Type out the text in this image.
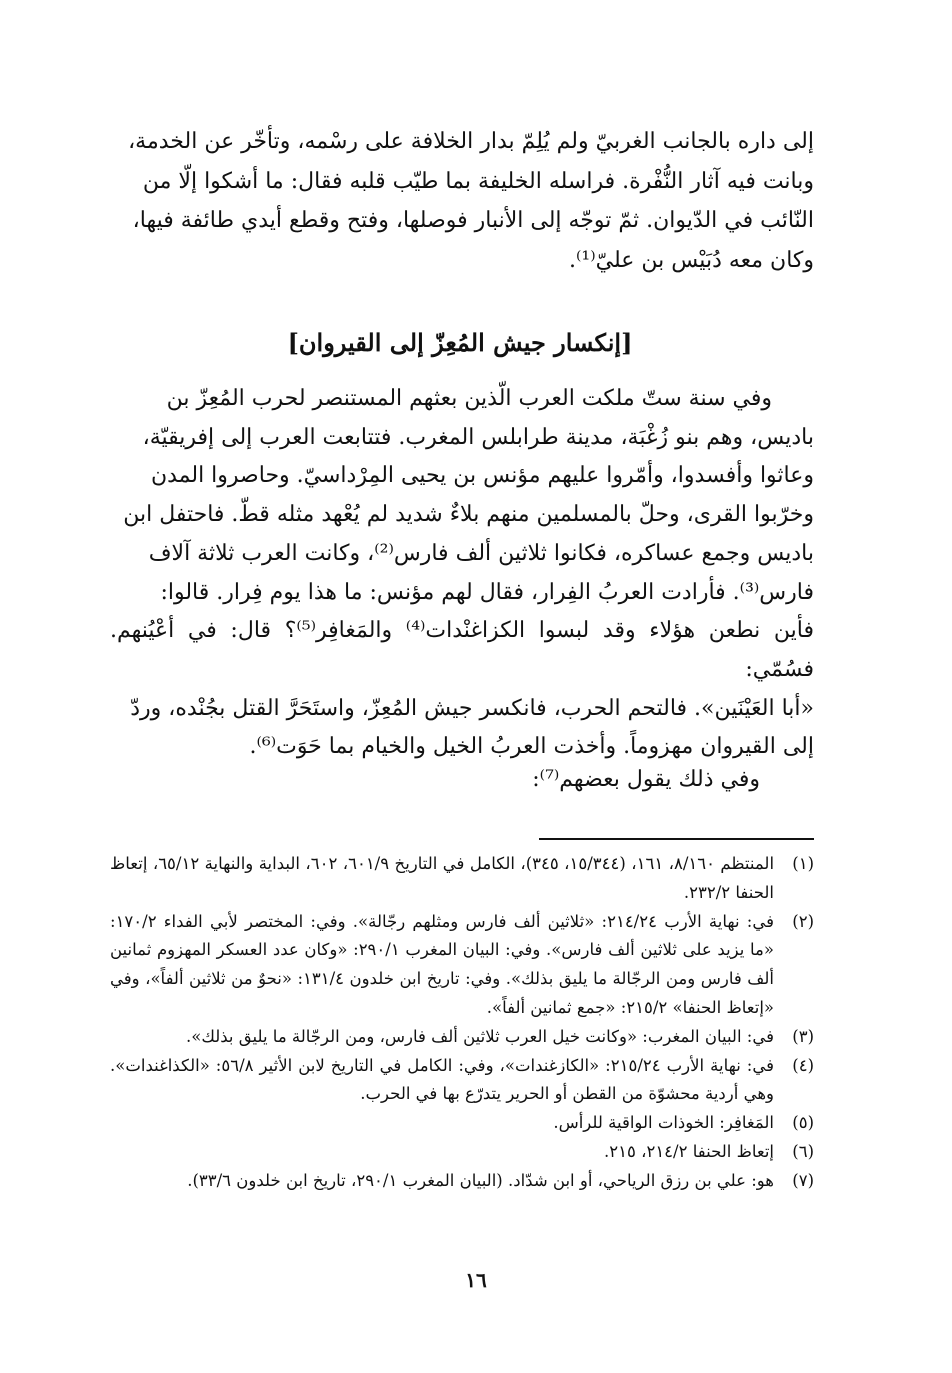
إلى داره بالجانب الغربيّ ولم يُلِمّ بدار الخلافة على رسْمه، وتأخّر عن الخدمة،

وبانت فيه آثار النُّفْرة. فراسله الخليفة بما طيّب قلبه فقال: ما أشكوا إلّا من

النّائب في الدّيوان. ثمّ توجّه إلى الأنبار فوصلها، وفتح وقطع أيدي طائفة فيها،

وكان معه دُبَيْس بن عليّ⁽¹⁾.

[إنكسار جيش المُعِزّ إلى القيروان]

وفي سنة ستّ ملكت العرب الّذين بعثهم المستنصر لحرب المُعِزّ بن

باديس، وهم بنو زُغْبَة، مدينة طرابلس المغرب. فتتابعت العرب إلى إفريقيّة،

وعاثوا وأفسدوا، وأمّروا عليهم مؤنس بن يحيى المِرْداسيّ. وحاصروا المدن

وخرّبوا القرى، وحلّ بالمسلمين منهم بلاءٌ شديد لم يُعْهد مثله قطّ. فاحتفل ابن

باديس وجمع عساكره، فكانوا ثلاثين ألف فارس⁽²⁾، وكانت العرب ثلاثة آلاف

فارس⁽³⁾. فأرادت العربُ الفِرار، فقال لهم مؤنس: ما هذا يوم فِرار. قالوا:

فأين نطعن هؤلاء وقد لبسوا الكزاغنْدات⁽⁴⁾ والمَغافِر⁽⁵⁾؟ قال: في أعْيُنهم. فسُمّي:

«أبا العَيْنَين». فالتحم الحرب، فانكسر جيش المُعِزّ، واستَحَرَّ القتل بجُنْده، وردّ

إلى القيروان مهزوماً. وأخذت العربُ الخيل والخيام بما حَوَت⁽⁶⁾.

وفي ذلك يقول بعضهم⁽⁷⁾:
(١)
المنتظم ٨/١٦٠، ١٦١، (١٥/٣٤٤، ٣٤٥)، الكامل في التاريخ ٦٠١/٩، ٦٠٢، البداية والنهاية ٦٥/١٢، إتعاظ الحنفا ٢٣٢/٢.
(٢)
في: نهاية الأرب ٢١٤/٢٤: «ثلاثين ألف فارس ومثلهم رجّالة». وفي: المختصر لأبي الفداء ١٧٠/٢: «ما يزيد على ثلاثين ألف فارس». وفي: البيان المغرب ٢٩٠/١: «وكان عدد العسكر المهزوم ثمانين ألف فارس ومن الرجّالة ما يليق بذلك». وفي: تاريخ ابن خلدون ١٣١/٤: «نحوٌ من ثلاثين ألفاً»، وفي «إتعاظ الحنفا» ٢١٥/٢: «جمع ثمانين ألفاً».
(٣)
في: البيان المغرب: «وكانت خيل العرب ثلاثين ألف فارس، ومن الرجّالة ما يليق بذلك».
(٤)
في: نهاية الأرب ٢١٥/٢٤: «الكازغندات»، وفي: الكامل في التاريخ لابن الأثير ٥٦/٨: «الكذاغندات». وهي أردية محشوّة من القطن أو الحرير يتدرّع بها في الحرب.
(٥)
المَغافِر: الخوذات الواقية للرأس.
(٦)
إتعاظ الحنفا ٢١٤/٢، ٢١٥.
(٧)
هو: علي بن رزق الرياحي، أو ابن شدّاد. (البيان المغرب ٢٩٠/١، تاريخ ابن خلدون ٣٣/٦).
١٦
